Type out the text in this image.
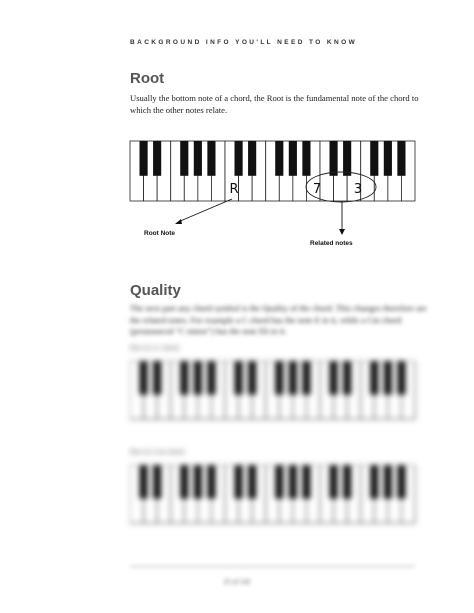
BACKGROUND INFO YOU'LL NEED TO KNOW
Root
Usually the bottom note of a chord, the Root is the fundamental note of the chord to which the other notes relate.
R	7	3
Root Note
Related notes
Quality
The next part any chord symbol is the Quality of the chord. This changes therefore are the related notes. For example a C chord has the note E in it, while a Cm chord (pronounced "C minor") has the note Eb in it.
Part of a C chord:
Part of a Cm chord:
25 of 142
